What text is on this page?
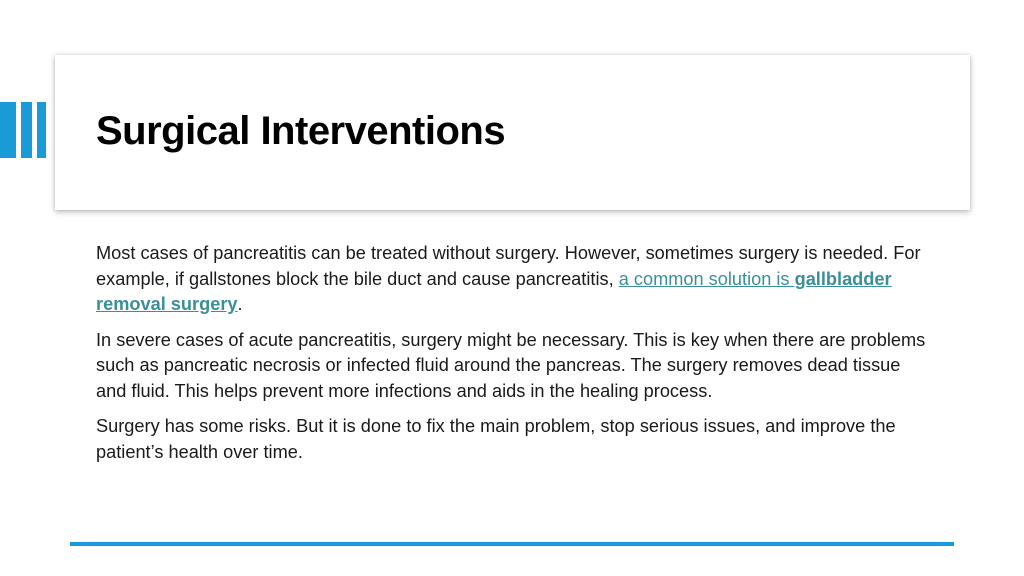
Surgical Interventions

Most cases of pancreatitis can be treated without surgery. However, sometimes surgery is needed. For example, if gallstones block the bile duct and cause pancreatitis, a common solution is gallbladder removal surgery.

In severe cases of acute pancreatitis, surgery might be necessary. This is key when there are problems such as pancreatic necrosis or infected fluid around the pancreas. The surgery removes dead tissue and fluid. This helps prevent more infections and aids in the healing process.

Surgery has some risks. But it is done to fix the main problem, stop serious issues, and improve the patient’s health over time.
